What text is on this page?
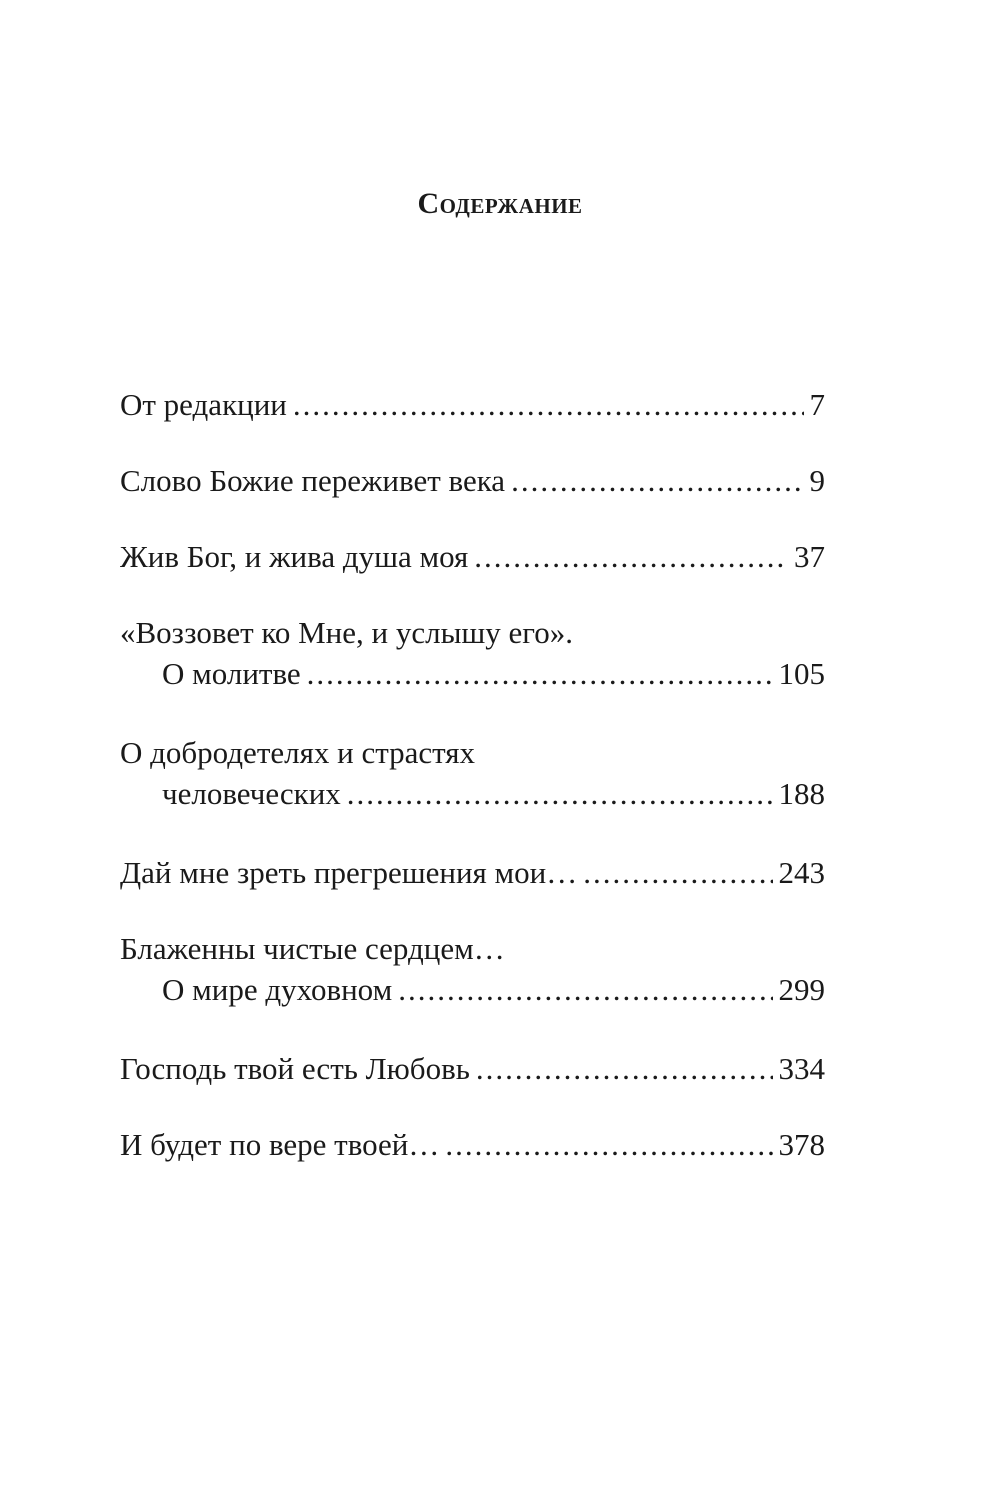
Содержание
От редакции .....	7
Слово Божие переживет века .....	9
Жив Бог, и жива душа моя .....	37
«Воззовет ко Мне, и услышу его».
О молитве .....	105
О добродетелях и страстях
человеческих .....	188
Дай мне зреть прегрешения мои… .....	243
Блаженны чистые сердцем…
О мире духовном .....	299
Господь твой есть Любовь .....	334
И будет по вере твоей… .....	378
